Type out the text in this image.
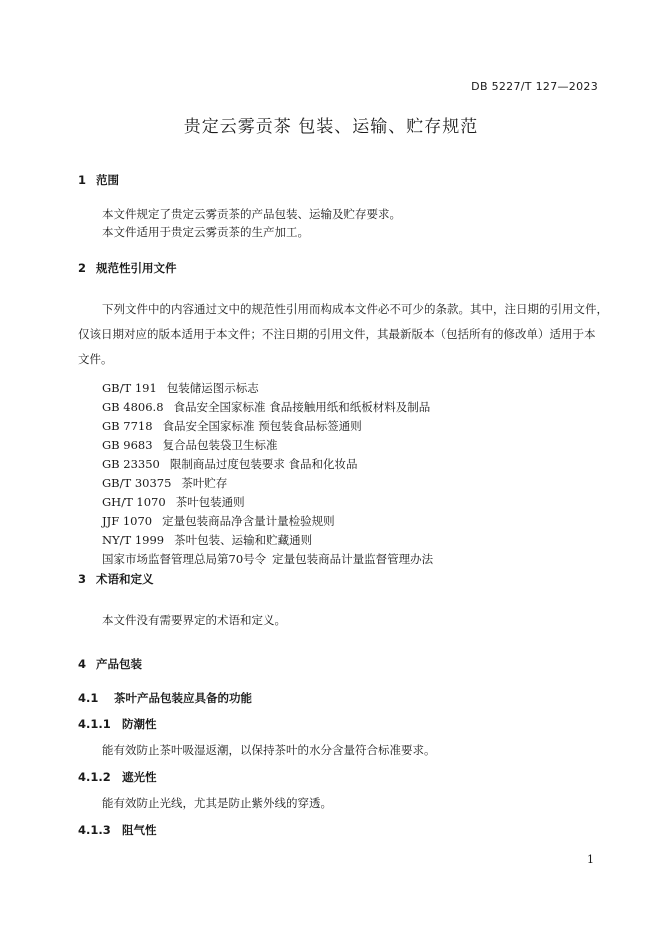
DB 5227/T 127—2023
贵定云雾贡茶 包装、运输、贮存规范
1 范围
本文件规定了贵定云雾贡茶的产品包装、运输及贮存要求。
本文件适用于贵定云雾贡茶的生产加工。
2 规范性引用文件
下列文件中的内容通过文中的规范性引用而构成本文件必不可少的条款。其中，注日期的引用文件，
仅该日期对应的版本适用于本文件；不注日期的引用文件，其最新版本（包括所有的修改单）适用于本
文件。
GB/T 191 包装储运图示标志
GB 4806.8 食品安全国家标准 食品接触用纸和纸板材料及制品
GB 7718 食品安全国家标准 预包装食品标签通则
GB 9683 复合品包装袋卫生标准
GB 23350 限制商品过度包装要求 食品和化妆品
GB/T 30375 茶叶贮存
GH/T 1070 茶叶包装通则
JJF 1070 定量包装商品净含量计量检验规则
NY/T 1999 茶叶包装、运输和贮藏通则
国家市场监督管理总局第70号令 定量包装商品计量监督管理办法
3 术语和定义
本文件没有需要界定的术语和定义。
4 产品包装
4.1 茶叶产品包装应具备的功能
4.1.1 防潮性
能有效防止茶叶吸湿返潮，以保持茶叶的水分含量符合标准要求。
4.1.2 遮光性
能有效防止光线，尤其是防止紫外线的穿透。
4.1.3 阻气性
1
